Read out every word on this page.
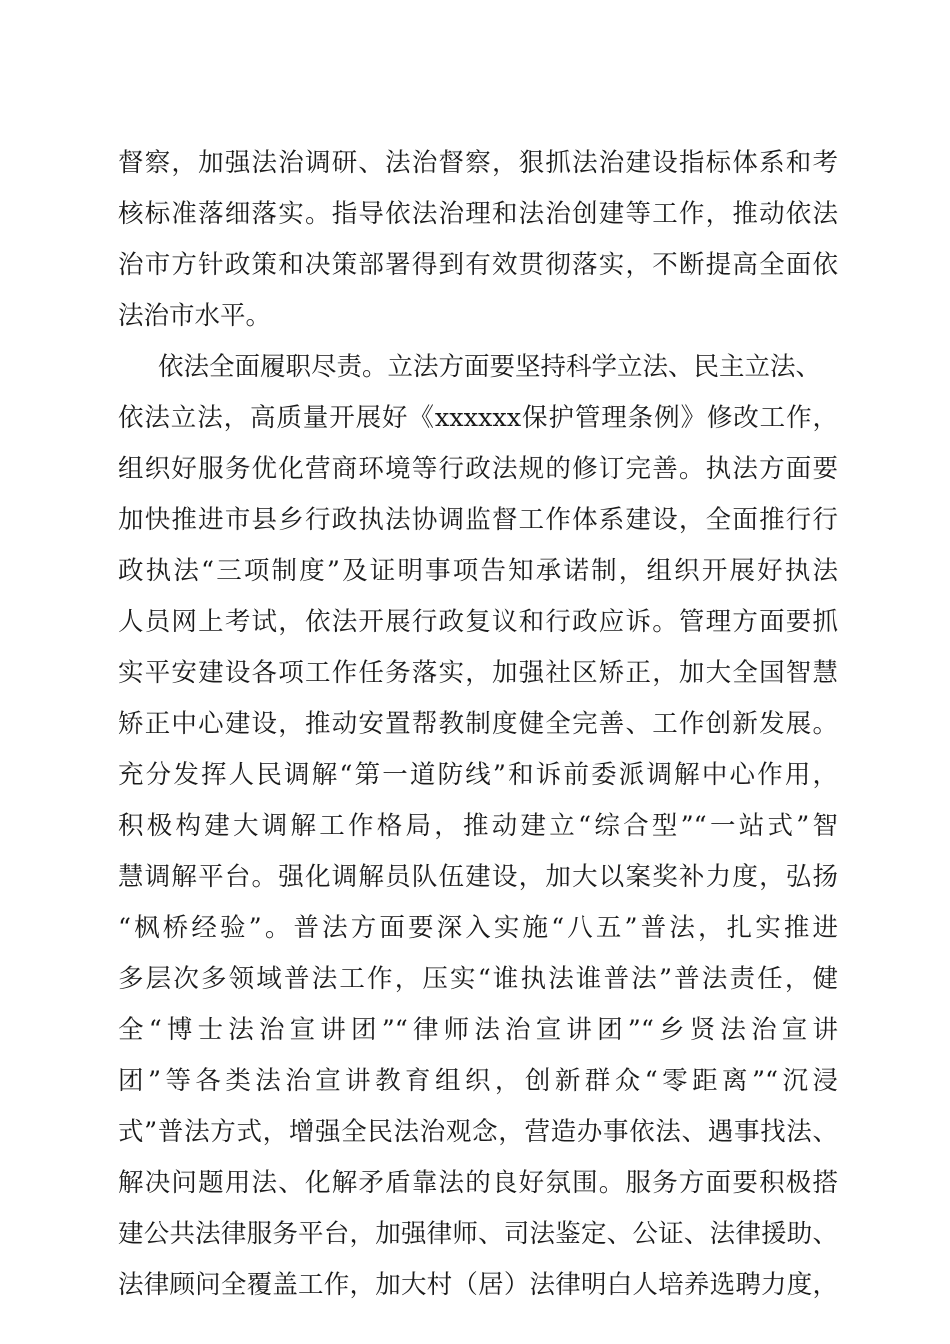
督察，加强法治调研、法治督察，狠抓法治建设指标体系和考
核标准落细落实。指导依法治理和法治创建等工作，推动依法
治市方针政策和决策部署得到有效贯彻落实，不断提高全面依
法治市水平。
依法全面履职尽责。立法方面要坚持科学立法、民主立法、
依法立法，高质量开展好《xxxxxx保护管理条例》修改工作，
组织好服务优化营商环境等行政法规的修订完善。执法方面要
加快推进市县乡行政执法协调监督工作体系建设，全面推行行
政执法“三项制度”及证明事项告知承诺制，组织开展好执法
人员网上考试，依法开展行政复议和行政应诉。管理方面要抓
实平安建设各项工作任务落实，加强社区矫正，加大全国智慧
矫正中心建设，推动安置帮教制度健全完善、工作创新发展。
充分发挥人民调解“第一道防线”和诉前委派调解中心作用，
积极构建大调解工作格局，推动建立“综合型”“一站式”智
慧调解平台。强化调解员队伍建设，加大以案奖补力度，弘扬
“枫桥经验”。普法方面要深入实施“八五”普法，扎实推进
多层次多领域普法工作，压实“谁执法谁普法”普法责任，健
全“博士法治宣讲团”“律师法治宣讲团”“乡贤法治宣讲
团”等各类法治宣讲教育组织，创新群众“零距离”“沉浸
式”普法方式，增强全民法治观念，营造办事依法、遇事找法、
解决问题用法、化解矛盾靠法的良好氛围。服务方面要积极搭
建公共法律服务平台，加强律师、司法鉴定、公证、法律援助、
法律顾问全覆盖工作，加大村（居）法律明白人培养选聘力度，
